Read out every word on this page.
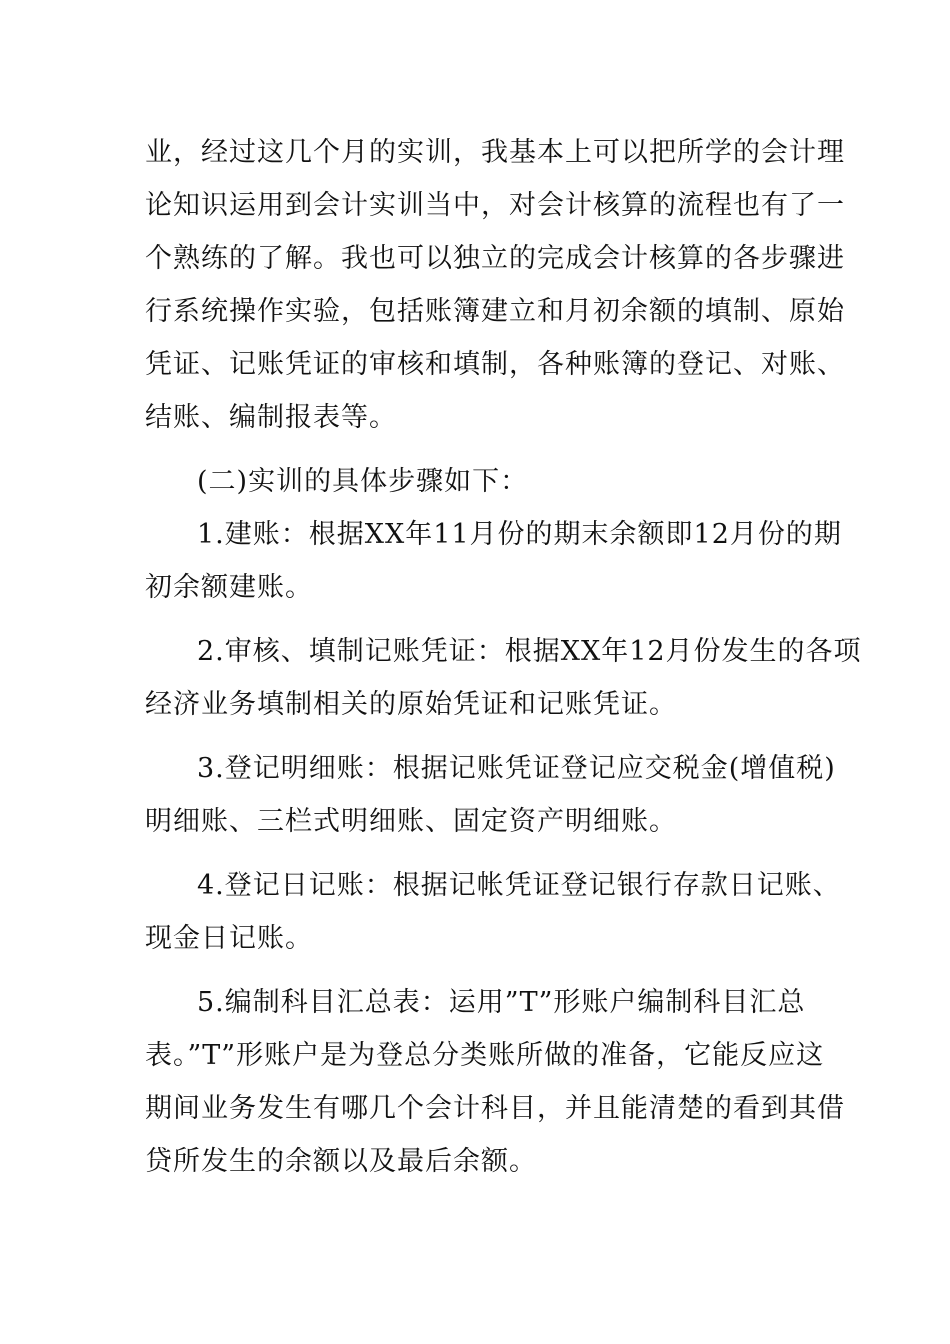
业，经过这几个月的实训，我基本上可以把所学的会计理
论知识运用到会计实训当中，对会计核算的流程也有了一
个熟练的了解。我也可以独立的完成会计核算的各步骤进
行系统操作实验，包括账簿建立和月初余额的填制、原始
凭证、记账凭证的审核和填制，各种账簿的登记、对账、
结账、编制报表等。
(二)实训的具体步骤如下：
1.建账：根据XX年11月份的期末余额即12月份的期
初余额建账。
2.审核、填制记账凭证：根据XX年12月份发生的各项
经济业务填制相关的原始凭证和记账凭证。
3.登记明细账：根据记账凭证登记应交税金(增值税)
明细账、三栏式明细账、固定资产明细账。
4.登记日记账：根据记帐凭证登记银行存款日记账、
现金日记账。
5.编制科目汇总表：运用”T”形账户编制科目汇总
表。”T”形账户是为登总分类账所做的准备，它能反应这
期间业务发生有哪几个会计科目，并且能清楚的看到其借
贷所发生的余额以及最后余额。
